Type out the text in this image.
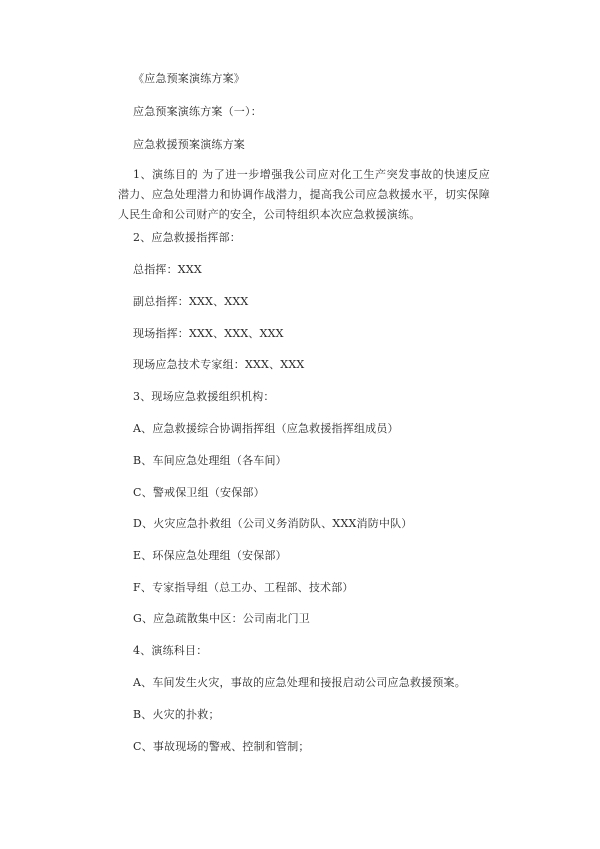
《应急预案演练方案》
应急预案演练方案（一）：
应急救援预案演练方案
1、演练目的 为了进一步增强我公司应对化工生产突发事故的快速反应潜力、应急处理潜力和协调作战潜力，提高我公司应急救援水平，切实保障人民生命和公司财产的安全，公司特组织本次应急救援演练。
2、应急救援指挥部：
总指挥：XXX
副总指挥：XXX、XXX
现场指挥：XXX、XXX、XXX
现场应急技术专家组：XXX、XXX
3、现场应急救援组织机构：
A、应急救援综合协调指挥组（应急救援指挥组成员）
B、车间应急处理组（各车间）
C、警戒保卫组（安保部）
D、火灾应急扑救组（公司义务消防队、XXX消防中队）
E、环保应急处理组（安保部）
F、专家指导组（总工办、工程部、技术部）
G、应急疏散集中区：公司南北门卫
4、演练科目：
A、车间发生火灾，事故的应急处理和接报启动公司应急救援预案。
B、火灾的扑救；
C、事故现场的警戒、控制和管制；
